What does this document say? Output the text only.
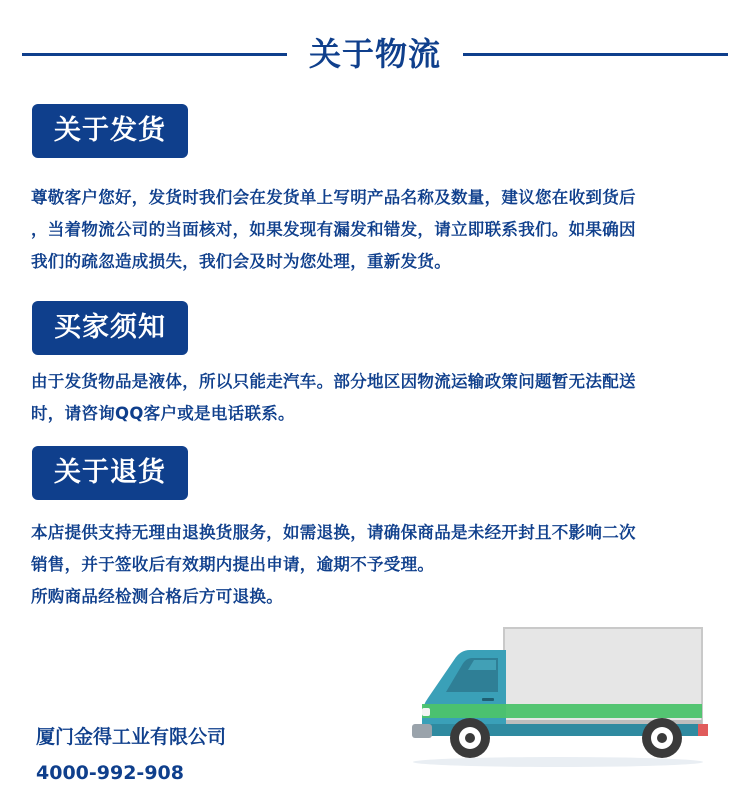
关于物流
关于发货
尊敬客户您好，发货时我们会在发货单上写明产品名称及数量，建议您在收到货后
，当着物流公司的当面核对，如果发现有漏发和错发，请立即联系我们。如果确因
我们的疏忽造成损失，我们会及时为您处理，重新发货。
买家须知
由于发货物品是液体，所以只能走汽车。部分地区因物流运输政策问题暂无法配送
时，请咨询QQ客户或是电话联系。
关于退货
本店提供支持无理由退换货服务，如需退换，请确保商品是未经开封且不影响二次
销售，并于签收后有效期内提出申请，逾期不予受理。
所购商品经检测合格后方可退换。
厦门金得工业有限公司
4000-992-908
